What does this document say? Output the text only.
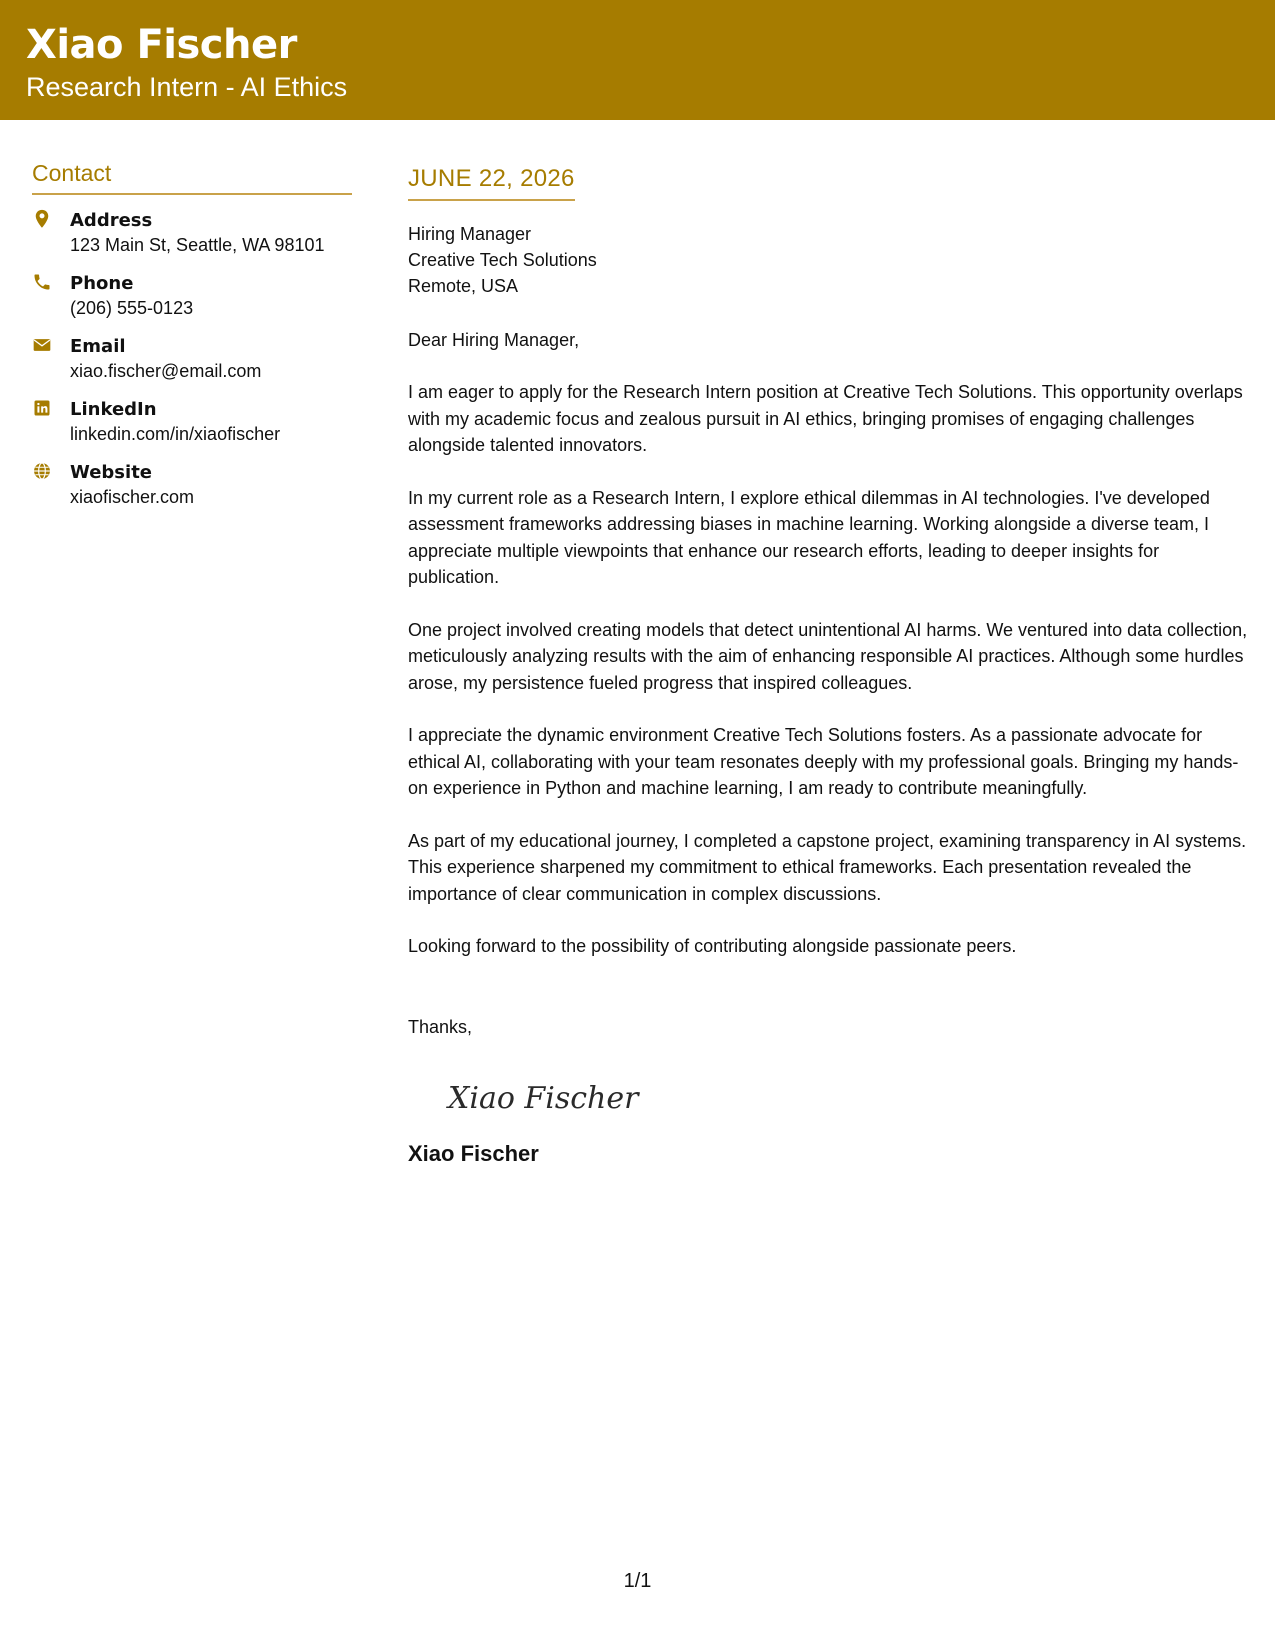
Xiao Fischer
Research Intern - AI Ethics
Contact
Address
123 Main St, Seattle, WA 98101
Phone
(206) 555-0123
Email
xiao.fischer@email.com
LinkedIn
linkedin.com/in/xiaofischer
Website
xiaofischer.com
JUNE 22, 2026
Hiring Manager
Creative Tech Solutions
Remote, USA
Dear Hiring Manager,
I am eager to apply for the Research Intern position at Creative Tech Solutions. This opportunity overlaps with my academic focus and zealous pursuit in AI ethics, bringing promises of engaging challenges alongside talented innovators.
In my current role as a Research Intern, I explore ethical dilemmas in AI technologies. I've developed assessment frameworks addressing biases in machine learning. Working alongside a diverse team, I appreciate multiple viewpoints that enhance our research efforts, leading to deeper insights for publication.
One project involved creating models that detect unintentional AI harms. We ventured into data collection, meticulously analyzing results with the aim of enhancing responsible AI practices. Although some hurdles arose, my persistence fueled progress that inspired colleagues.
I appreciate the dynamic environment Creative Tech Solutions fosters. As a passionate advocate for ethical AI, collaborating with your team resonates deeply with my professional goals. Bringing my hands-on experience in Python and machine learning, I am ready to contribute meaningfully.
As part of my educational journey, I completed a capstone project, examining transparency in AI systems. This experience sharpened my commitment to ethical frameworks. Each presentation revealed the importance of clear communication in complex discussions.
Looking forward to the possibility of contributing alongside passionate peers.
Thanks,
Xiao Fischer
Xiao Fischer
1/1
